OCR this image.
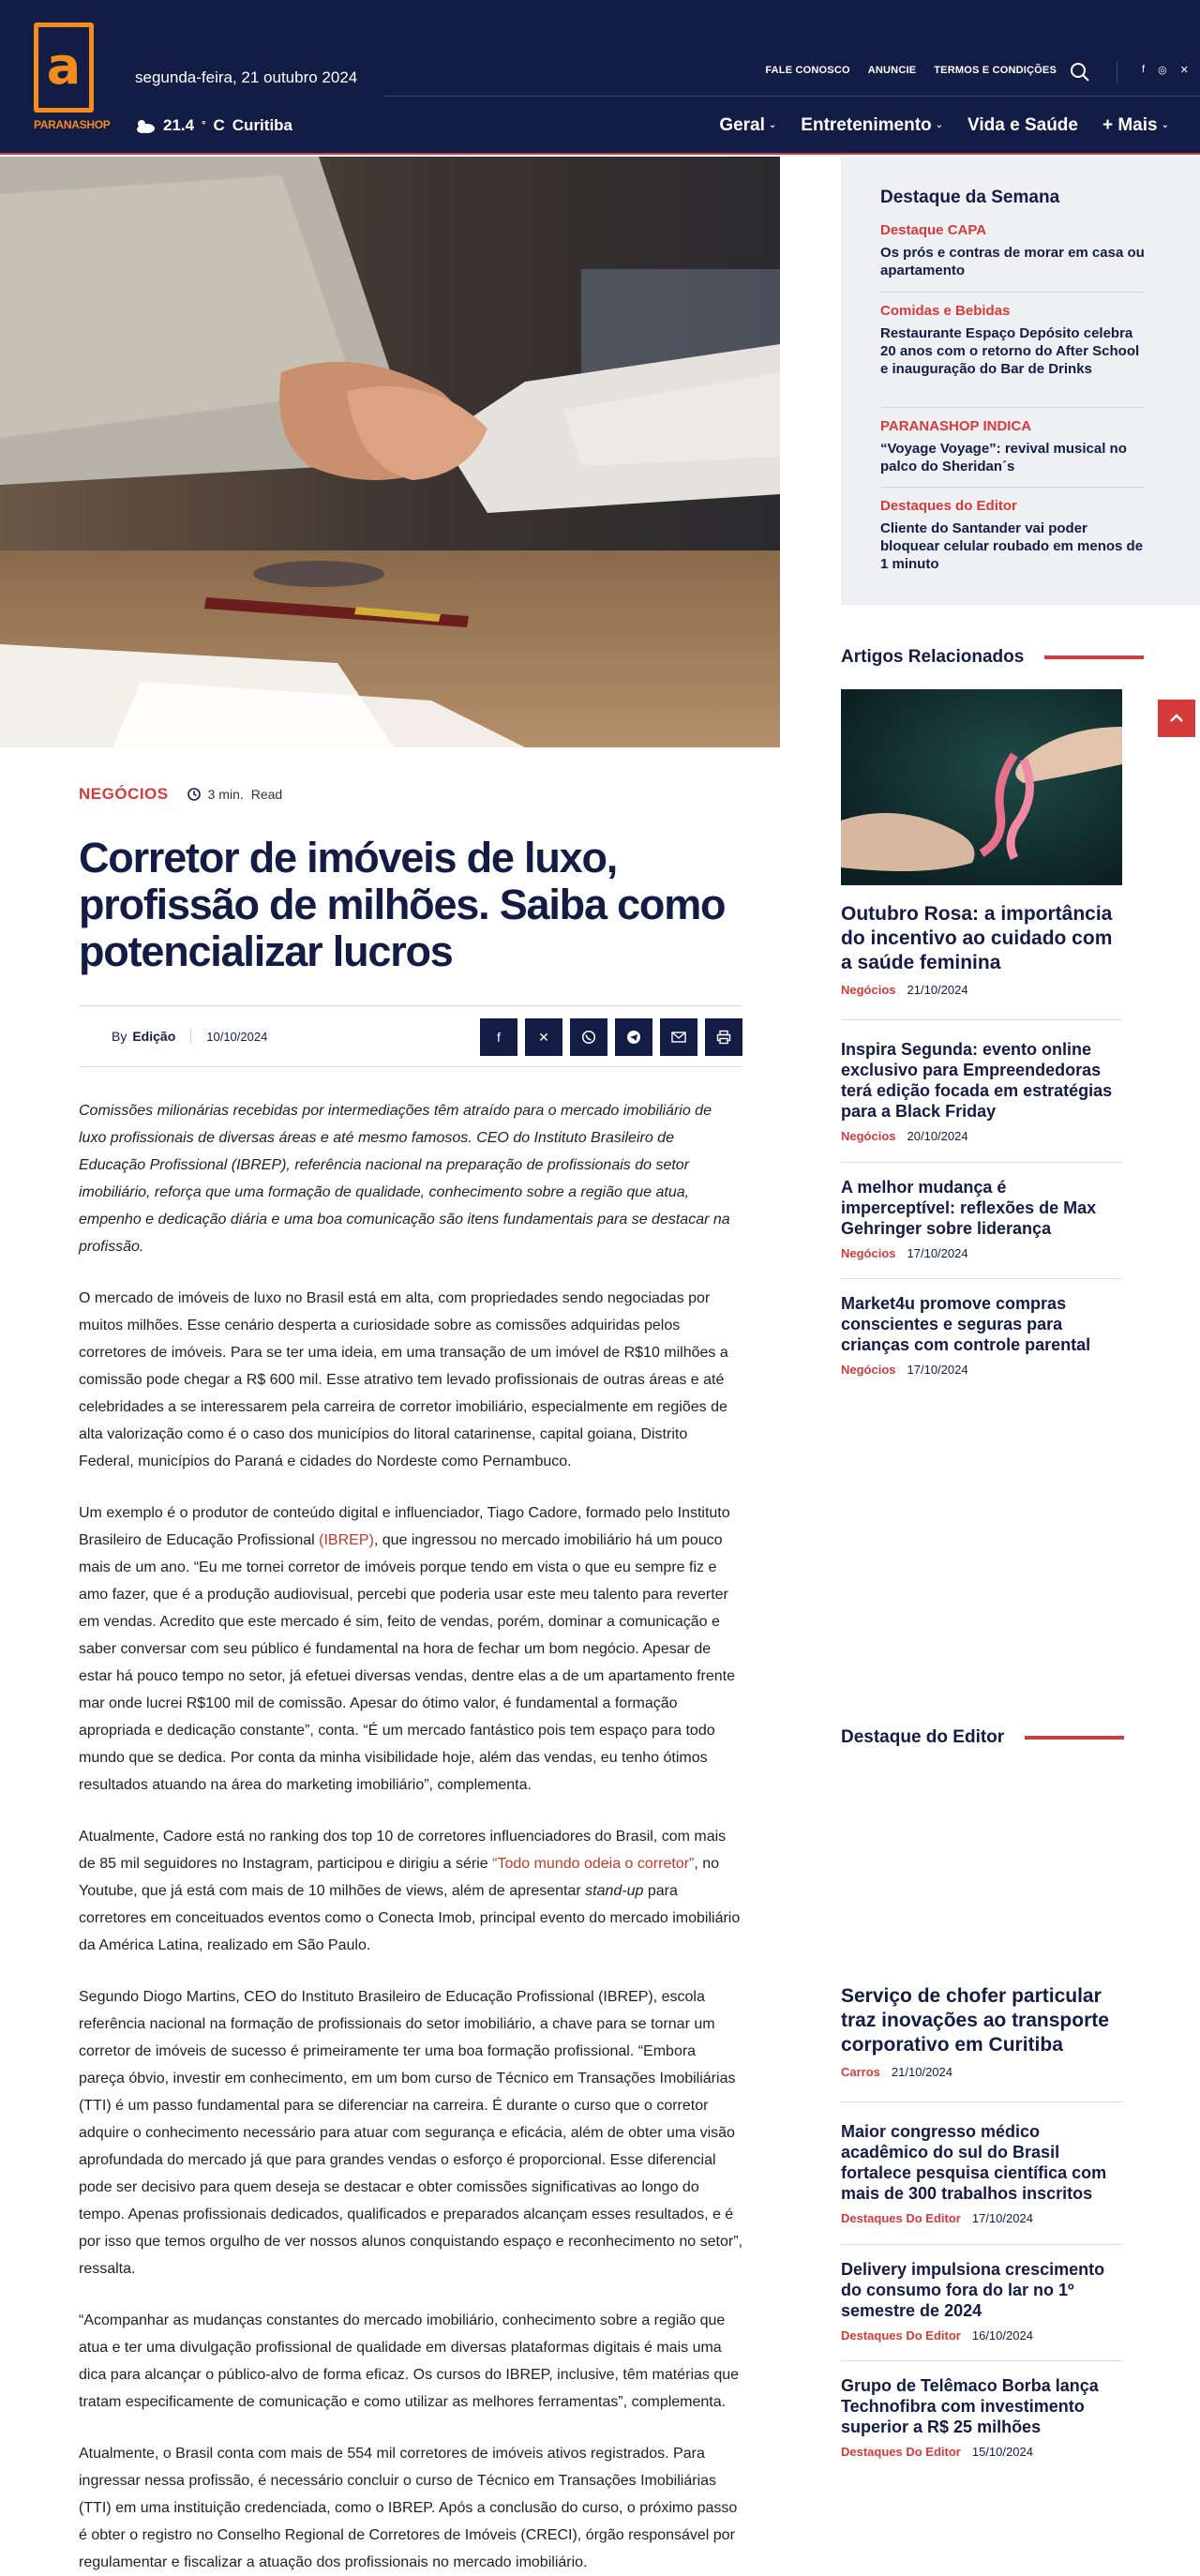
a
PARANASHOP
segunda-feira, 21 outubro 2024
21.4 ° C Curitiba
FALE CONOSCO ANUNCIE TERMOS E CONDIÇÕES	f ◎ ✕
Geral ⌄ Entretenimento ⌄ Vida e Saúde + Mais ⌄
NEGÓCIOS	3 min. Read
Corretor de imóveis de luxo, profissão de milhões. Saiba como potencializar lucros
By Edição	10/10/2024	f	✕

Comissões milionárias recebidas por intermediações têm atraído para o mercado imobiliário de luxo profissionais de diversas áreas e até mesmo famosos. CEO do Instituto Brasileiro de Educação Profissional (IBREP), referência nacional na preparação de profissionais do setor imobiliário, reforça que uma formação de qualidade, conhecimento sobre a região que atua, empenho e dedicação diária e uma boa comunicação são itens fundamentais para se destacar na profissão.

O mercado de imóveis de luxo no Brasil está em alta, com propriedades sendo negociadas por muitos milhões. Esse cenário desperta a curiosidade sobre as comissões adquiridas pelos corretores de imóveis. Para se ter uma ideia, em uma transação de um imóvel de R$10 milhões a comissão pode chegar a R$ 600 mil. Esse atrativo tem levado profissionais de outras áreas e até celebridades a se interessarem pela carreira de corretor imobiliário, especialmente em regiões de alta valorização como é o caso dos municípios do litoral catarinense, capital goiana, Distrito Federal, municípios do Paraná e cidades do Nordeste como Pernambuco.

Um exemplo é o produtor de conteúdo digital e influenciador, Tiago Cadore, formado pelo Instituto Brasileiro de Educação Profissional (IBREP), que ingressou no mercado imobiliário há um pouco mais de um ano. “Eu me tornei corretor de imóveis porque tendo em vista o que eu sempre fiz e amo fazer, que é a produção audiovisual, percebi que poderia usar este meu talento para reverter em vendas. Acredito que este mercado é sim, feito de vendas, porém, dominar a comunicação e saber conversar com seu público é fundamental na hora de fechar um bom negócio. Apesar de estar há pouco tempo no setor, já efetuei diversas vendas, dentre elas a de um apartamento frente mar onde lucrei R$100 mil de comissão. Apesar do ótimo valor, é fundamental a formação apropriada e dedicação constante”, conta. “É um mercado fantástico pois tem espaço para todo mundo que se dedica. Por conta da minha visibilidade hoje, além das vendas, eu tenho ótimos resultados atuando na área do marketing imobiliário”, complementa.

Atualmente, Cadore está no ranking dos top 10 de corretores influenciadores do Brasil, com mais de 85 mil seguidores no Instagram, participou e dirigiu a série “Todo mundo odeia o corretor”, no Youtube, que já está com mais de 10 milhões de views, além de apresentar stand-up para corretores em conceituados eventos como o Conecta Imob, principal evento do mercado imobiliário da América Latina, realizado em São Paulo.

Segundo Diogo Martins, CEO do Instituto Brasileiro de Educação Profissional (IBREP), escola referência nacional na formação de profissionais do setor imobiliário, a chave para se tornar um corretor de imóveis de sucesso é primeiramente ter uma boa formação profissional. “Embora pareça óbvio, investir em conhecimento, em um bom curso de Técnico em Transações Imobiliárias (TTI) é um passo fundamental para se diferenciar na carreira. É durante o curso que o corretor adquire o conhecimento necessário para atuar com segurança e eficácia, além de obter uma visão aprofundada do mercado já que para grandes vendas o esforço é proporcional. Esse diferencial pode ser decisivo para quem deseja se destacar e obter comissões significativas ao longo do tempo. Apenas profissionais dedicados, qualificados e preparados alcançam esses resultados, e é por isso que temos orgulho de ver nossos alunos conquistando espaço e reconhecimento no setor”, ressalta.

“Acompanhar as mudanças constantes do mercado imobiliário, conhecimento sobre a região que atua e ter uma divulgação profissional de qualidade em diversas plataformas digitais é mais uma dica para alcançar o público-alvo de forma eficaz. Os cursos do IBREP, inclusive, têm matérias que tratam especificamente de comunicação e como utilizar as melhores ferramentas”, complementa.

Atualmente, o Brasil conta com mais de 554 mil corretores de imóveis ativos registrados. Para ingressar nessa profissão, é necessário concluir o curso de Técnico em Transações Imobiliárias (TTI) em uma instituição credenciada, como o IBREP. Após a conclusão do curso, o próximo passo é obter o registro no Conselho Regional de Corretores de Imóveis (CRECI), órgão responsável por regulamentar e fiscalizar a atuação dos profissionais no mercado imobiliário.

Destaque da Semana
Destaque CAPA
Os prós e contras de morar em casa ou apartamento
Comidas e Bebidas
Restaurante Espaço Depósito celebra 20 anos com o retorno do After School e inauguração do Bar de Drinks
PARANASHOP INDICA
“Voyage Voyage”: revival musical no palco do Sheridan´s
Destaques do Editor
Cliente do Santander vai poder bloquear celular roubado em menos de 1 minuto
Artigos Relacionados
Outubro Rosa: a importância do incentivo ao cuidado com a saúde feminina
Negócios 21/10/2024
Inspira Segunda: evento online exclusivo para Empreendedoras terá edição focada em estratégias para a Black Friday
Negócios 20/10/2024
A melhor mudança é imperceptível: reflexões de Max Gehringer sobre liderança
Negócios 17/10/2024
Market4u promove compras conscientes e seguras para crianças com controle parental
Negócios 17/10/2024
Destaque do Editor
Serviço de chofer particular traz inovações ao transporte corporativo em Curitiba
Carros 21/10/2024
Maior congresso médico acadêmico do sul do Brasil fortalece pesquisa científica com mais de 300 trabalhos inscritos
Destaques Do Editor 17/10/2024
Delivery impulsiona crescimento do consumo fora do lar no 1º semestre de 2024
Destaques Do Editor 16/10/2024
Grupo de Telêmaco Borba lança Technofibra com investimento superior a R$ 25 milhões
Destaques Do Editor 15/10/2024
